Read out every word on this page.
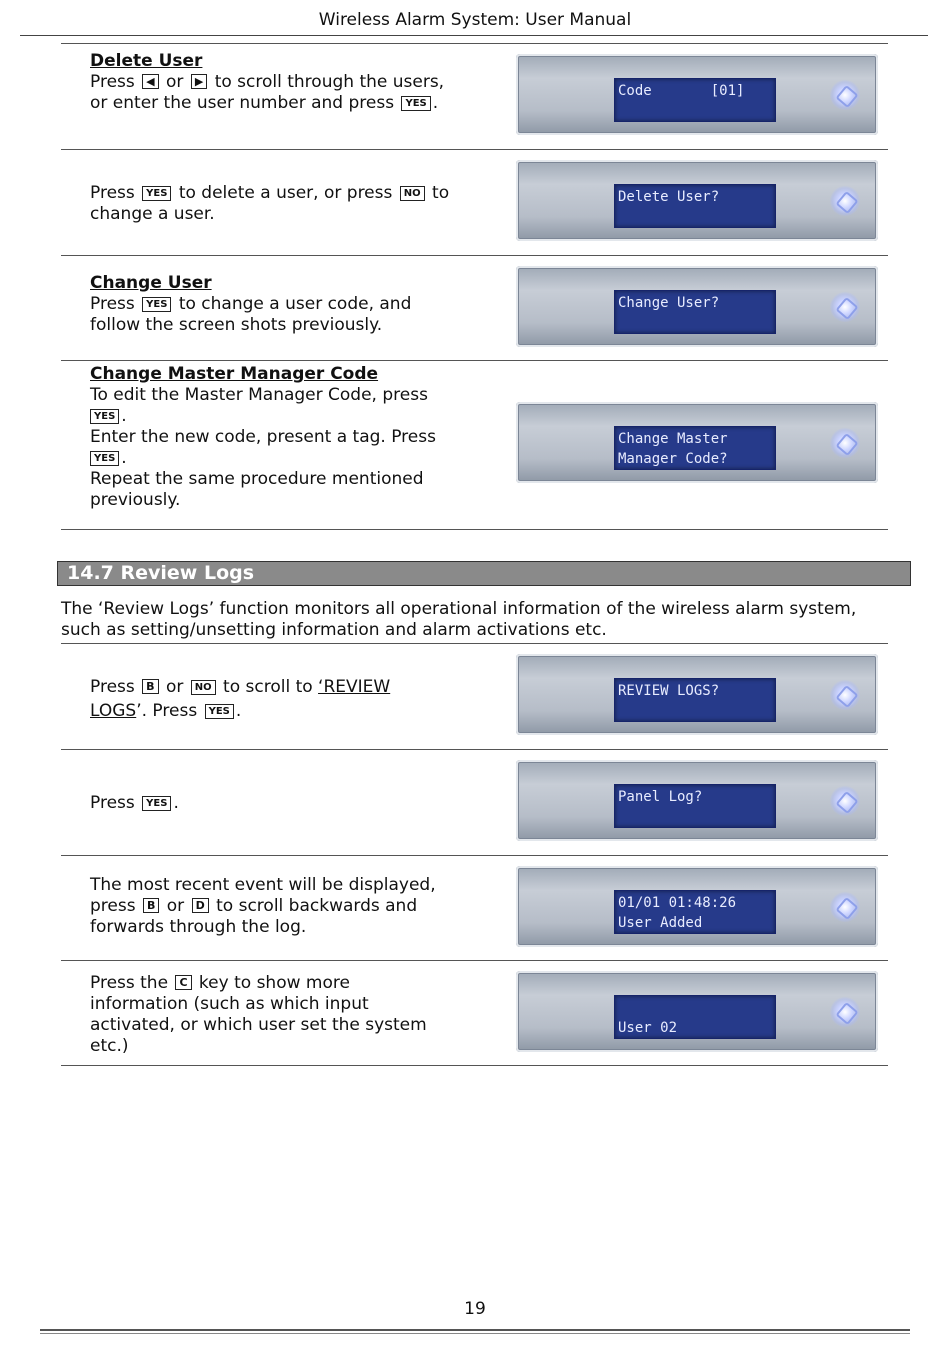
Wireless Alarm System: User Manual
Delete User
Press ◀ or ▶ to scroll through the users, or enter the user number and press YES .
Code       [01]
Press YES to delete a user, or press NO to change a user.
Delete User?
Change User
Press YES to change a user code, and follow the screen shots previously.
Change User?
Change Master Manager Code
To edit the Master Manager Code, press
YES .
Enter the new code, present a tag. Press
YES .
Repeat the same procedure mentioned previously.
Change Master
Manager Code?
14.7 Review Logs
The ‘Review Logs’ function monitors all operational information of the wireless alarm system, such as setting/unsetting information and alarm activations etc.
Press B or NO to scroll to ‘REVIEW LOGS’. Press YES .
REVIEW LOGS?
Press YES .	Panel Log?
The most recent event will be displayed, press B or D to scroll backwards and forwards through the log.
01/01 01:48:26
User Added
Press the C key to show more information (such as which input activated, or which user set the system etc.)
User 02
19
